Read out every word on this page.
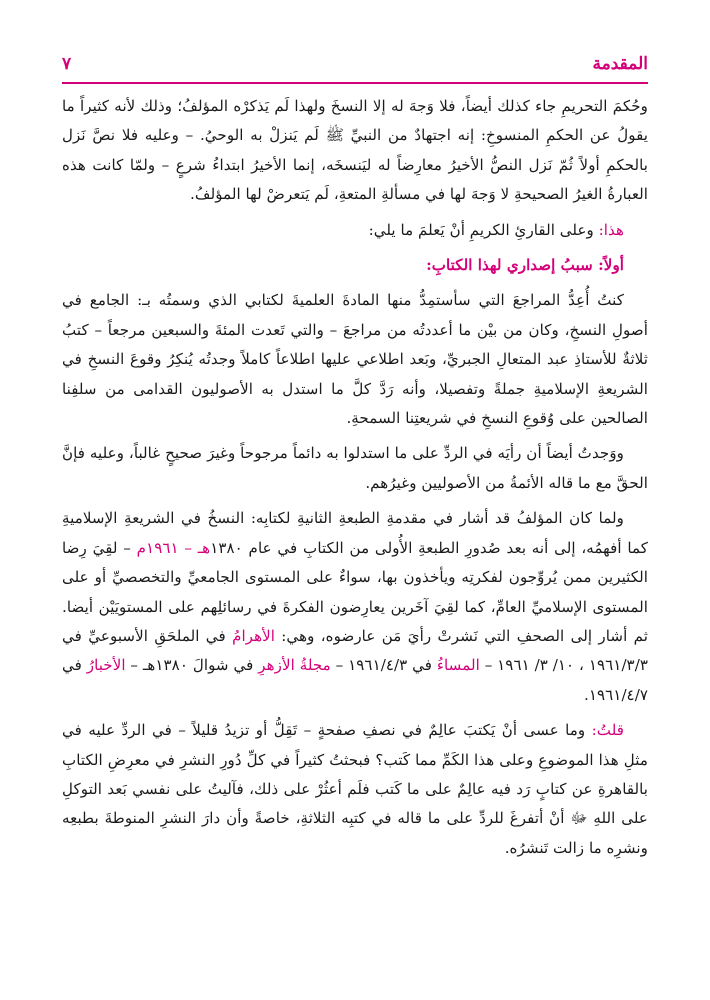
المقدمة
٧

وحُكمَ التحريمِ جاء كذلك أيضاً، فلا وَجهَ له إلا النسخَ ولهذا لَم يَذكرْه المؤلفُ؛ وذلك لأنه كثيراً ما يقولُ عن الحكمِ المنسوخِ: إنه اجتهادٌ من النبيِّ ﷺ لَم يَنزلْ به الوحيُ. – وعليه فلا نصَّ نَزل بالحكمِ أولاً ثُمّ نَزل النصُّ الأخيرُ معارِضاً له ليَنسخَه، إنما الأخيرُ ابتداءُ شرعٍ – ولمّا كانت هذه العبارةُ الغيرُ الصحيحةِ لا وَجهَ لها في مسألةِ المتعةِ، لَم يَتعرضْ لها المؤلفُ.

هذا: وعلى القارئِ الكريمِ أنْ يَعلمَ ما يلي:

أولاً: سببُ إصداري لهذا الكتابِ:

كنتُ أُعِدُّ المراجعَ التي سأستمِدُّ منها المادةَ العلميةَ لكتابي الذي وسمتُه بـ: الجامع في أصولِ النسخِ، وكان من بيْن ما أعددتُه من مراجعَ – والتي تَعدت المئةَ والسبعين مرجعاً – كتبُ ثلاثةٌ للأستاذِ عبد المتعالِ الجبريِّ، وبَعد اطلاعي عليها اطلاعاً كاملاً وجدتُه يُنكِرُ وقوعَ النسخِ في الشريعةِ الإسلاميةِ جملةً وتفصيلا، وأنه رَدَّ كلَّ ما استدل به الأصوليون القدامى من سلفِنا الصالحين على وُقوعِ النسخِ في شريعتِنا السمحةِ.

ووَجدتُ أيضاً أن رأيَه في الردِّ على ما استدلوا به دائماً مرجوحاً وغيرَ صحيحٍ غالباً، وعليه فإنَّ الحقَّ مع ما قاله الأئمةُ من الأصوليين وغيرُهم.

ولما كان المؤلفُ قد أشار في مقدمةِ الطبعةِ الثانيةِ لكتابِه: النسخُ في الشريعةِ الإسلاميةِ كما أفهمُه، إلى أنه بعد صُدورِ الطبعةِ الأُولى من الكتابِ في عام ١٣٨٠هـ – ١٩٦١م – لقِيَ رِضا الكثيرين ممن يُروِّجون لفكرتِه ويأخذون بها، سواءٌ على المستوى الجامعيِّ والتخصصيِّ أو على المستوى الإسلاميِّ العامِّ، كما لقِيَ آخَرين يعارِضون الفكرةَ في رسائلِهم على المستويَيْن أيضا. ثم أشار إلى الصحفِ التي نَشرتْ رأيَ مَن عارضوه، وهي: الأهرامُ في الملحَقِ الأسبوعيِّ في ١٩٦١/٣/٣ ، ١٠/ ٣/ ١٩٦١ – المساءُ في ١٩٦١/٤/٣ – مجلةُ الأزهرِ في شوالَ ١٣٨٠هـ – الأخبارُ في ١٩٦١/٤/٧.

قلتُ: وما عسى أنْ يَكتبَ عالِمٌ في نصفِ صفحةٍ – تَقِلُّ أو تزيدُ قليلاً – في الردِّ عليه في مثلِ هذا الموضوعِ وعلى هذا الكَمِّ مما كَتب؟ فبحثتُ كثيراً في كلِّ دُورِ النشرِ في معرِضِ الكتابِ بالقاهرةِ عن كتابٍ رَد فيه عالِمٌ على ما كَتب فلَم أعثُرْ على ذلك، فآليتُ على نفسي بَعد التوكلِ على اللهِ ﷻ أنْ أتفرغَ للردِّ على ما قاله في كتبِه الثلاثةِ، خاصةً وأن دارَ النشرِ المنوطةَ بطبعِه ونشرِه ما زالت تَنشرُه.
